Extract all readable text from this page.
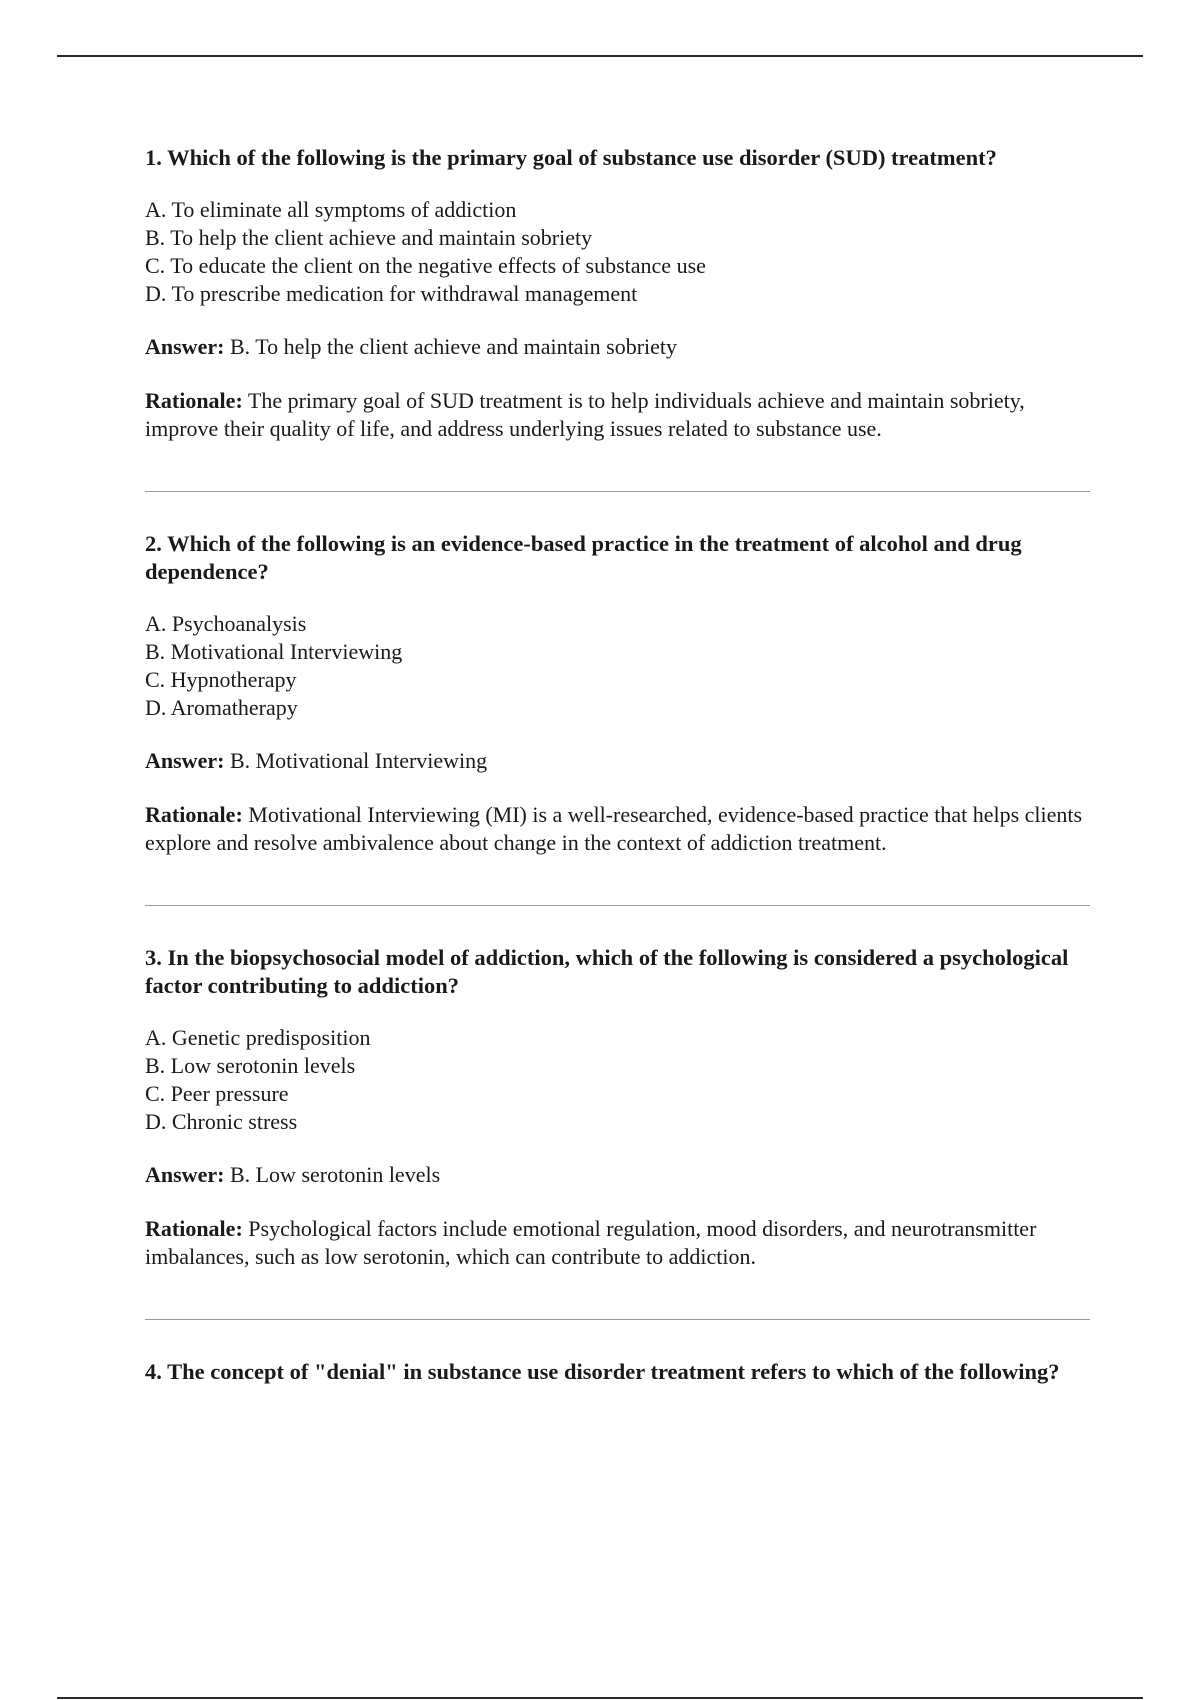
1. Which of the following is the primary goal of substance use disorder (SUD) treatment?

A. To eliminate all symptoms of addiction
B. To help the client achieve and maintain sobriety
C. To educate the client on the negative effects of substance use
D. To prescribe medication for withdrawal management

Answer: B. To help the client achieve and maintain sobriety

Rationale: The primary goal of SUD treatment is to help individuals achieve and maintain sobriety, improve their quality of life, and address underlying issues related to substance use.

2. Which of the following is an evidence-based practice in the treatment of alcohol and drug dependence?

A. Psychoanalysis
B. Motivational Interviewing
C. Hypnotherapy
D. Aromatherapy

Answer: B. Motivational Interviewing

Rationale: Motivational Interviewing (MI) is a well-researched, evidence-based practice that helps clients explore and resolve ambivalence about change in the context of addiction treatment.

3. In the biopsychosocial model of addiction, which of the following is considered a psychological factor contributing to addiction?

A. Genetic predisposition
B. Low serotonin levels
C. Peer pressure
D. Chronic stress

Answer: B. Low serotonin levels

Rationale: Psychological factors include emotional regulation, mood disorders, and neurotransmitter imbalances, such as low serotonin, which can contribute to addiction.

4. The concept of "denial" in substance use disorder treatment refers to which of the following?
